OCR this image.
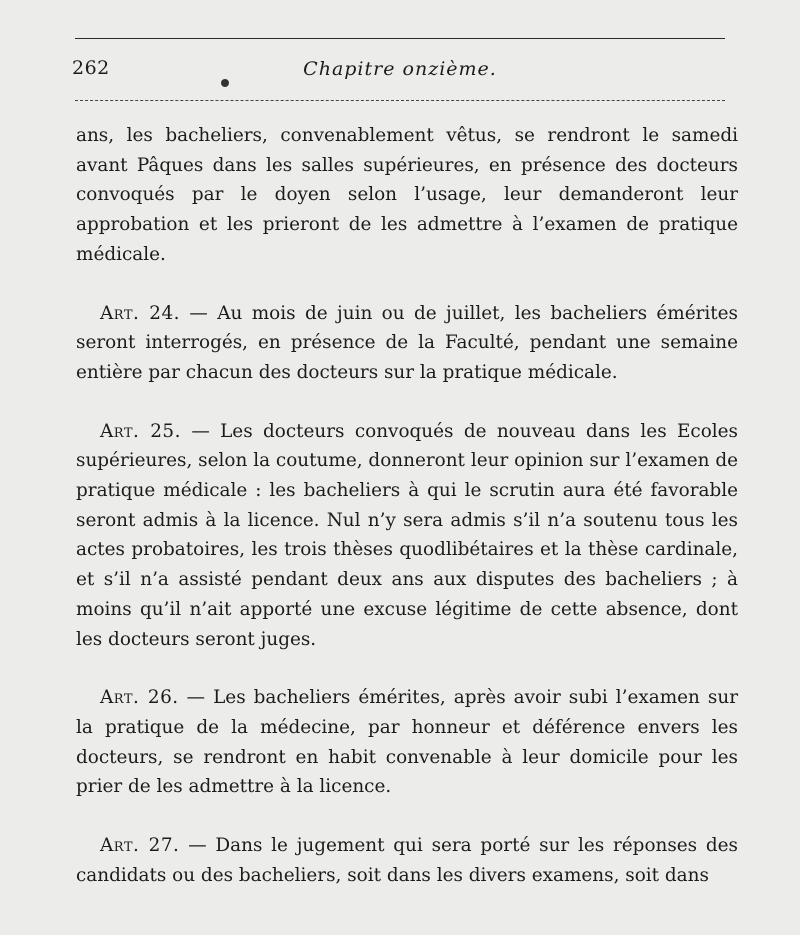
262	Chapitre onzième.

ans, les bacheliers, convenablement vêtus, se rendront le samedi avant Pâques dans les salles supérieures, en présence des docteurs convoqués par le doyen selon l’usage, leur demanderont leur approbation et les prieront de les admettre à l’examen de pratique médicale.

Art. 24. — Au mois de juin ou de juillet, les bacheliers émérites seront interrogés, en présence de la Faculté, pendant une semaine entière par chacun des docteurs sur la pratique médicale.

Art. 25. — Les docteurs convoqués de nouveau dans les Ecoles supérieures, selon la coutume, donneront leur opinion sur l’examen de pratique médicale : les bacheliers à qui le scrutin aura été favorable seront admis à la licence. Nul n’y sera admis s’il n’a soutenu tous les actes probatoires, les trois thèses quodlibétaires et la thèse cardinale, et s’il n’a assisté pendant deux ans aux disputes des bacheliers ; à moins qu’il n’ait apporté une excuse légitime de cette absence, dont les docteurs seront juges.

Art. 26. — Les bacheliers émérites, après avoir subi l’examen sur la pratique de la médecine, par honneur et déférence envers les docteurs, se rendront en habit convenable à leur domicile pour les prier de les admettre à la licence.

Art. 27. — Dans le jugement qui sera porté sur les réponses des candidats ou des bacheliers, soit dans les divers examens, soit dans
